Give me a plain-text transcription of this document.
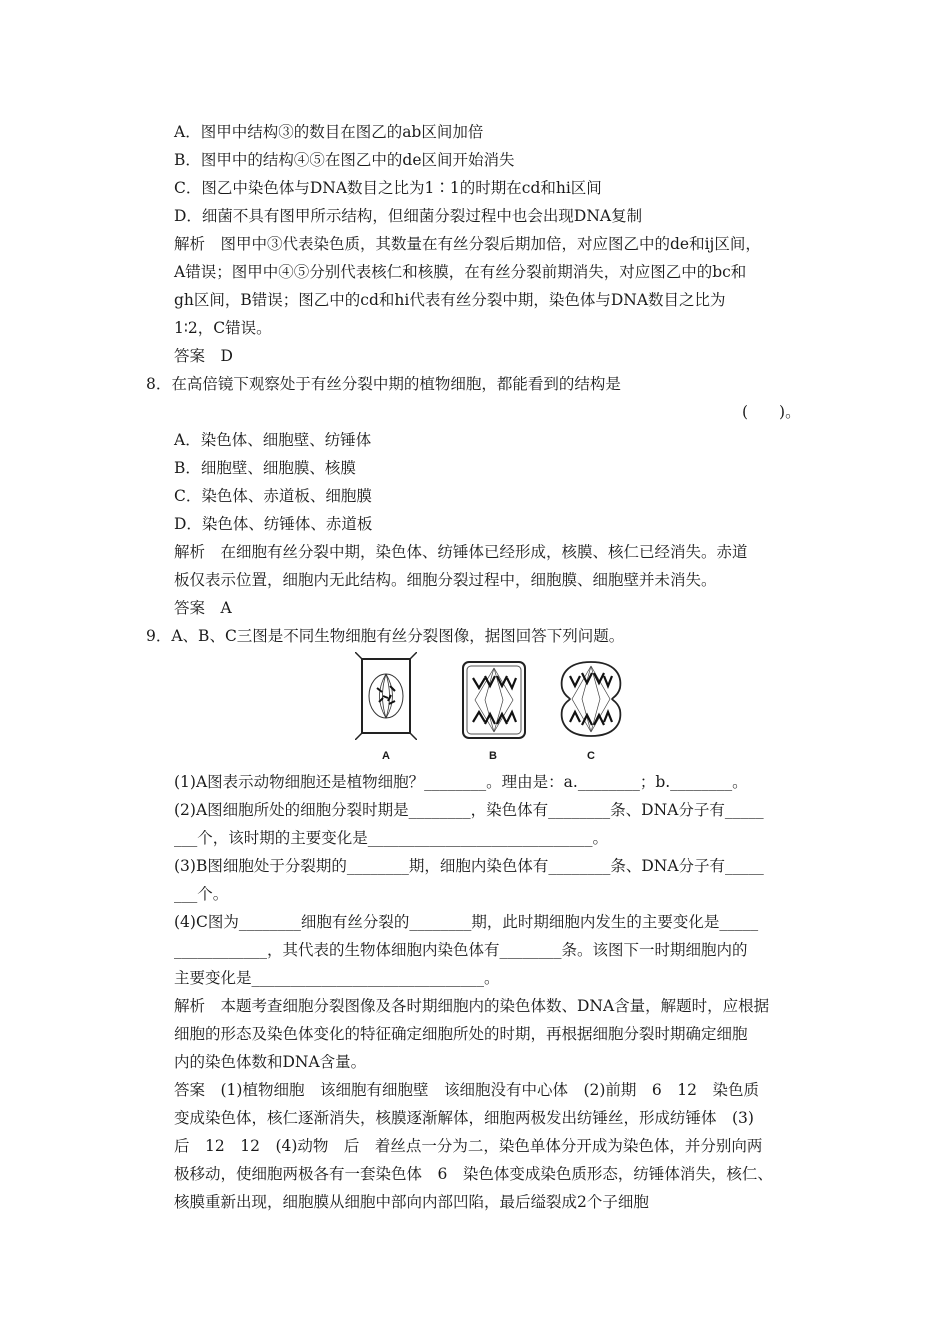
A．图甲中结构③的数目在图乙的ab区间加倍
B．图甲中的结构④⑤在图乙中的de区间开始消失
C．图乙中染色体与DNA数目之比为1∶1的时期在cd和hi区间
D．细菌不具有图甲所示结构，但细菌分裂过程中也会出现DNA复制
解析　图甲中③代表染色质，其数量在有丝分裂后期加倍，对应图乙中的de和ij区间，
A错误；图甲中④⑤分别代表核仁和核膜，在有丝分裂前期消失，对应图乙中的bc和
gh区间，B错误；图乙中的cd和hi代表有丝分裂中期，染色体与DNA数目之比为
1∶2，C错误。
答案　D
8．在高倍镜下观察处于有丝分裂中期的植物细胞，都能看到的结构是
(　　)。
A．染色体、细胞壁、纺锤体
B．细胞壁、细胞膜、核膜
C．染色体、赤道板、细胞膜
D．染色体、纺锤体、赤道板
解析　在细胞有丝分裂中期，染色体、纺锤体已经形成，核膜、核仁已经消失。赤道
板仅表示位置，细胞内无此结构。细胞分裂过程中，细胞膜、细胞壁并未消失。
答案　A
9．A、B、C三图是不同生物细胞有丝分裂图像，据图回答下列问题。
A	B	C
(1)A图表示动物细胞还是植物细胞？________。理由是：a.________；b.________。
(2)A图细胞所处的细胞分裂时期是________，染色体有________条、DNA分子有_____
___个，该时期的主要变化是_____________________________。
(3)B图细胞处于分裂期的________期，细胞内染色体有________条、DNA分子有_____
___个。
(4)C图为________细胞有丝分裂的________期，此时期细胞内发生的主要变化是_____
____________，其代表的生物体细胞内染色体有________条。该图下一时期细胞内的
主要变化是______________________________。
解析　本题考查细胞分裂图像及各时期细胞内的染色体数、DNA含量，解题时，应根据
细胞的形态及染色体变化的特征确定细胞所处的时期，再根据细胞分裂时期确定细胞
内的染色体数和DNA含量。
答案　(1)植物细胞　该细胞有细胞壁　该细胞没有中心体　(2)前期　6　12　染色质
变成染色体，核仁逐渐消失，核膜逐渐解体，细胞两极发出纺锤丝，形成纺锤体　(3)
后　12　12　(4)动物　后　着丝点一分为二，染色单体分开成为染色体，并分别向两
极移动，使细胞两极各有一套染色体　6　染色体变成染色质形态，纺锤体消失，核仁、
核膜重新出现，细胞膜从细胞中部向内部凹陷，最后缢裂成2个子细胞
